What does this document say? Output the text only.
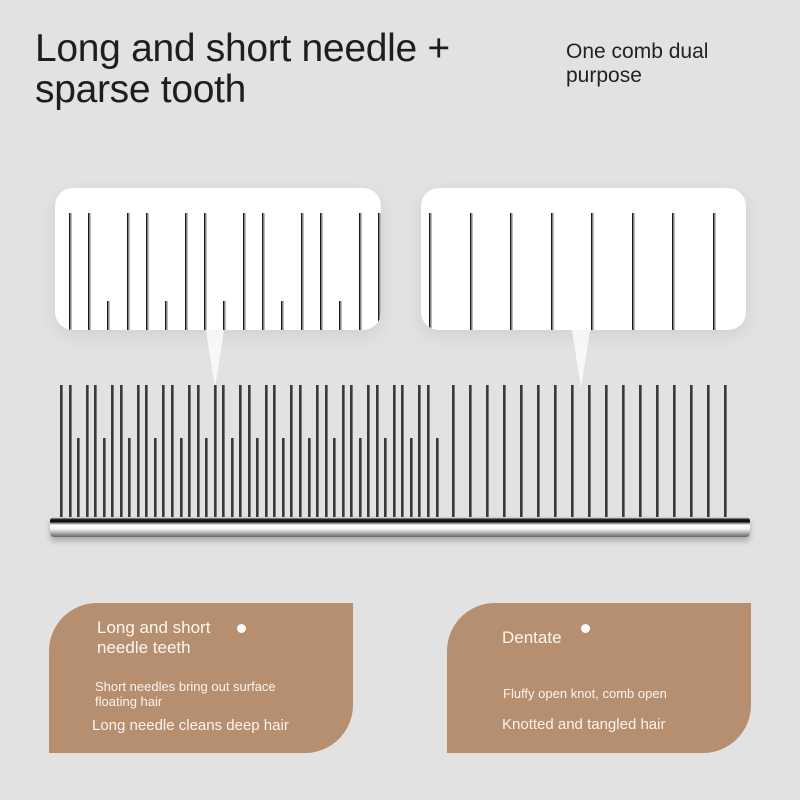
Long and short needle +
sparse tooth
One comb dual
purpose
Long and short
needle teeth
Short needles bring out surface
floating hair
Long needle cleans deep hair
Dentate
Fluffy open knot, comb open
Knotted and tangled hair
